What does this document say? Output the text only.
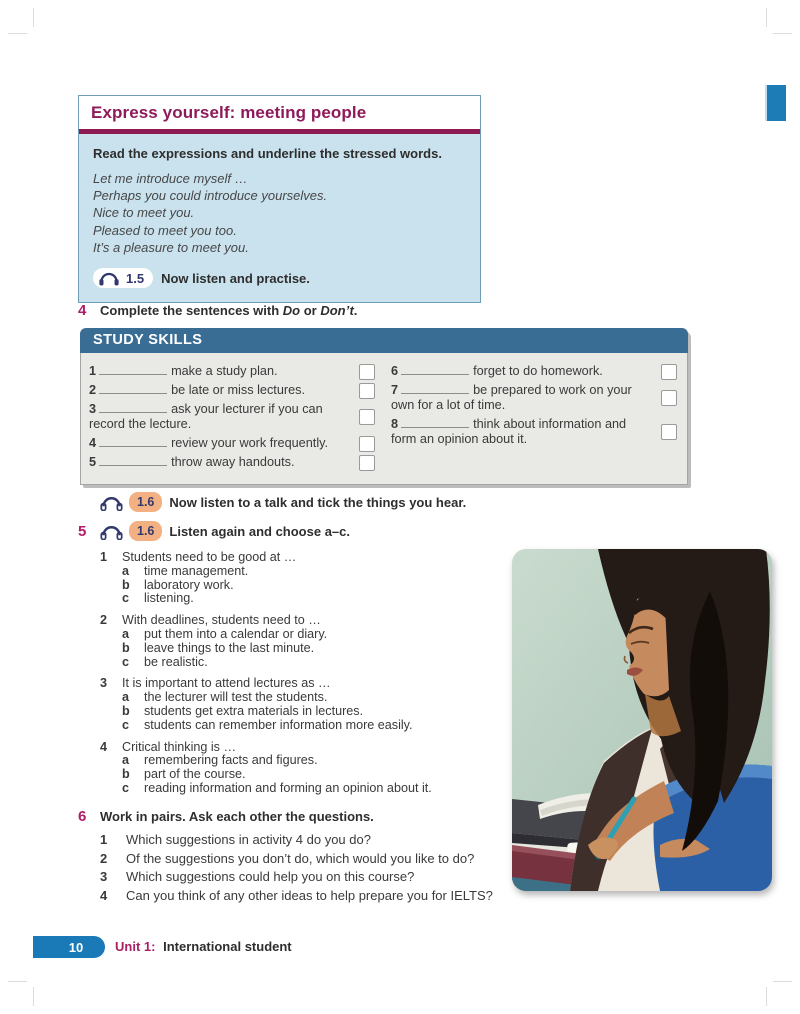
Express yourself: meeting people
Read the expressions and underline the stressed words.
Let me introduce myself …
Perhaps you could introduce yourselves.
Nice to meet you.
Pleased to meet you too.
It’s a pleasure to meet you.
1.5 Now listen and practise.
4	Complete the sentences with Do or Don’t.
STUDY SKILLS
1	make a study plan.
2	be late or miss lectures.
3	ask your lecturer if you can record the lecture.
4	review your work frequently.
5	throw away handouts.
6	forget to do homework.
7	be prepared to work on your own for a lot of time.
8	think about information and form an opinion about it.
1.6	Now listen to a talk and tick the things you hear.
5	1.6	Listen again and choose a–c.
1	Students need to be good at …
a	time management.
b	laboratory work.
c	listening.
2	With deadlines, students need to …
a	put them into a calendar or diary.
b	leave things to the last minute.
c	be realistic.
3	It is important to attend lectures as …
a	the lecturer will test the students.
b	students get extra materials in lectures.
c	students can remember information more easily.
4	Critical thinking is …
a	remembering facts and figures.
b	part of the course.
c	reading information and forming an opinion about it.
6	Work in pairs. Ask each other the questions.
1	Which suggestions in activity 4 do you do?
2	Of the suggestions you don’t do, which would you like to do?
3	Which suggestions could help you on this course?
4	Can you think of any other ideas to help prepare you for IELTS?
10 Unit 1: International student
